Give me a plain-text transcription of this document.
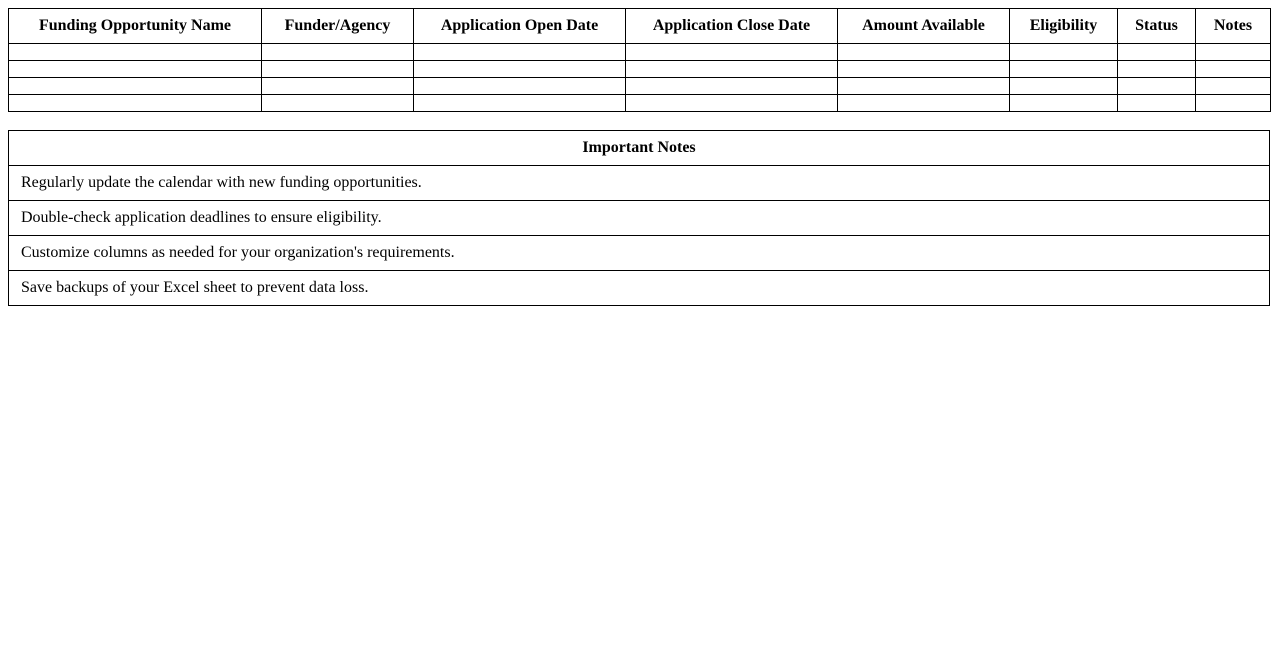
Funding Opportunity Name	Funder/Agency	Application Open Date	Application Close Date	Amount Available	Eligibility	Status	Notes

Important Notes
Regularly update the calendar with new funding opportunities.
Double-check application deadlines to ensure eligibility.
Customize columns as needed for your organization's requirements.
Save backups of your Excel sheet to prevent data loss.
